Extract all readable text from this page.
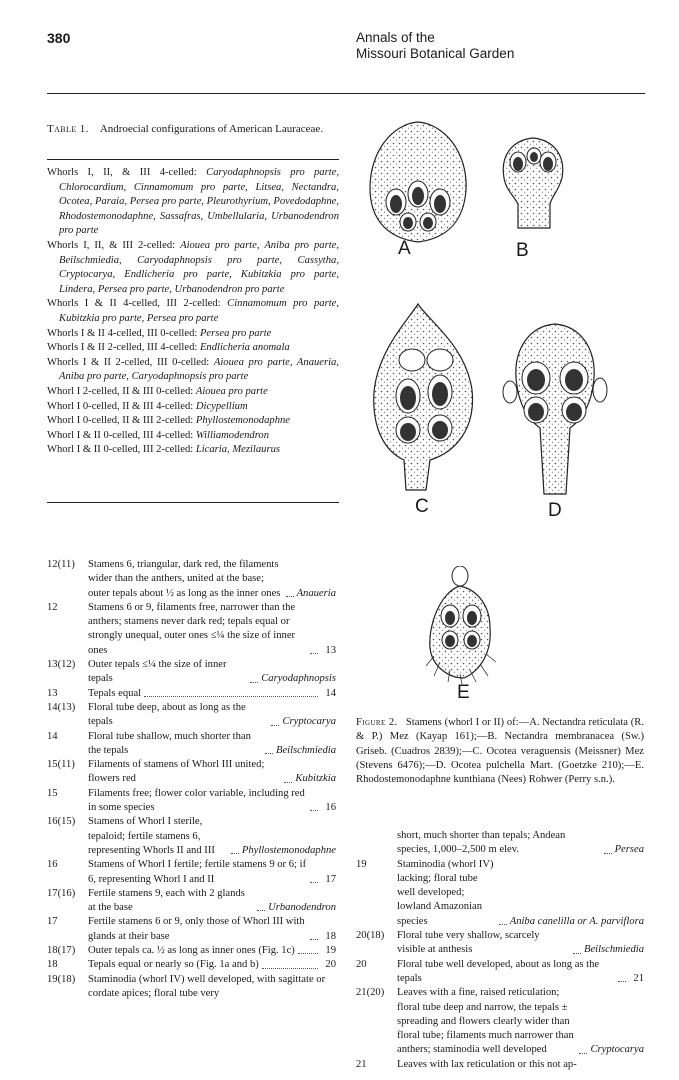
380	Annals of the
Missouri Botanical Garden
Table 1. Androecial configurations of American Lauraceae.
Whorls I, II, & III 4-celled: Caryodaphnopsis pro parte, Chlorocardium, Cinnamomum pro parte, Litsea, Nectandra, Ocotea, Paraia, Persea pro parte, Pleurothyrium, Povedodaphne, Rhodostemonodaphne, Sassafras, Umbellularia, Urbanodendron pro parte
Whorls I, II, & III 2-celled: Aiouea pro parte, Aniba pro parte, Beilschmiedia, Caryodaphnopsis pro parte, Cassytha, Cryptocarya, Endlicheria pro parte, Kubitzkia pro parte, Lindera, Persea pro parte, Urbanodendron pro parte
Whorls I & II 4-celled, III 2-celled: Cinnamomum pro parte, Kubitzkia pro parte, Persea pro parte
Whorls I & II 4-celled, III 0-celled: Persea pro parte
Whorls I & II 2-celled, III 4-celled: Endlicheria anomala
Whorls I & II 2-celled, III 0-celled: Aiouea pro parte, Anaueria, Aniba pro parte, Caryodaphnopsis pro parte
Whorl I 2-celled, II & III 0-celled: Aiouea pro parte
Whorl I 0-celled, II & III 4-celled: Dicypellium
Whorl I 0-celled, II & III 2-celled: Phyllostemonodaphne
Whorl I & II 0-celled, III 4-celled: Williamodendron
Whorl I & II 0-celled, III 2-celled: Licaria, Mezilaurus
12(11) Stamens 6, triangular, dark red, the filaments wider than the anthers, united at the base; outer tepals about ½ as long as the inner ones Anaueria
12	Stamens 6 or 9, filaments free, narrower than the anthers; stamens never dark red; tepals equal or strongly unequal, outer ones ≤¼ the size of inner ones	13
13(12) Outer tepals ≤¼ the size of inner tepals	Caryodaphnopsis
13	Tepals equal	14
14(13) Floral tube deep, about as long as the tepals	Cryptocarya
14	Floral tube shallow, much shorter than the tepals	Beilschmiedia
15(11) Filaments of stamens of Whorl III united; flowers red	Kubitzkia
15	Filaments free; flower color variable, including red in some species	16
16(15) Stamens of Whorl I sterile, tepaloid; fertile stamens 6, representing Whorls II and III	Phyllostemonodaphne
16	Stamens of Whorl I fertile; fertile stamens 9 or 6; if 6, representing Whorl I and II	17
17(16) Fertile stamens 9, each with 2 glands at the base	Urbanodendron
17	Fertile stamens 6 or 9, only those of Whorl III with glands at their base	18
18(17) Outer tepals ca. ½ as long as inner ones (Fig. 1c)	19
18	Tepals equal or nearly so (Fig. 1a and b)	20
19(18) Staminodia (whorl IV) well developed, with sagittate or cordate apices; floral tube very
short, much shorter than tepals; Andean species, 1,000–2,500 m elev.	Persea
19	Staminodia (whorl IV) lacking; floral tube well developed; lowland Amazonian species	Aniba canelilla or A. parviflora
20(18) Floral tube very shallow, scarcely visible at anthesis	Beilschmiedia
20	Floral tube well developed, about as long as the tepals	21
21(20) Leaves with a fine, raised reticulation; floral tube deep and narrow, the tepals ± spreading and flowers clearly wider than floral tube; filaments much narrower than anthers; staminodia well developed	Cryptocarya
21	Leaves with lax reticulation or this not ap-
A	B
C	D
E
Figure 2. Stamens (whorl I or II) of:—A. Nectandra reticulata (R. & P.) Mez (Kayap 161);—B. Nectandra membranacea (Sw.) Griseb. (Cuadros 2839);—C. Ocotea veraguensis (Meissner) Mez (Stevens 6476);—D. Ocotea pulchella Mart. (Goetzke 210);—E. Rhodostemonodaphne kunthiana (Nees) Rohwer (Perry s.n.).
